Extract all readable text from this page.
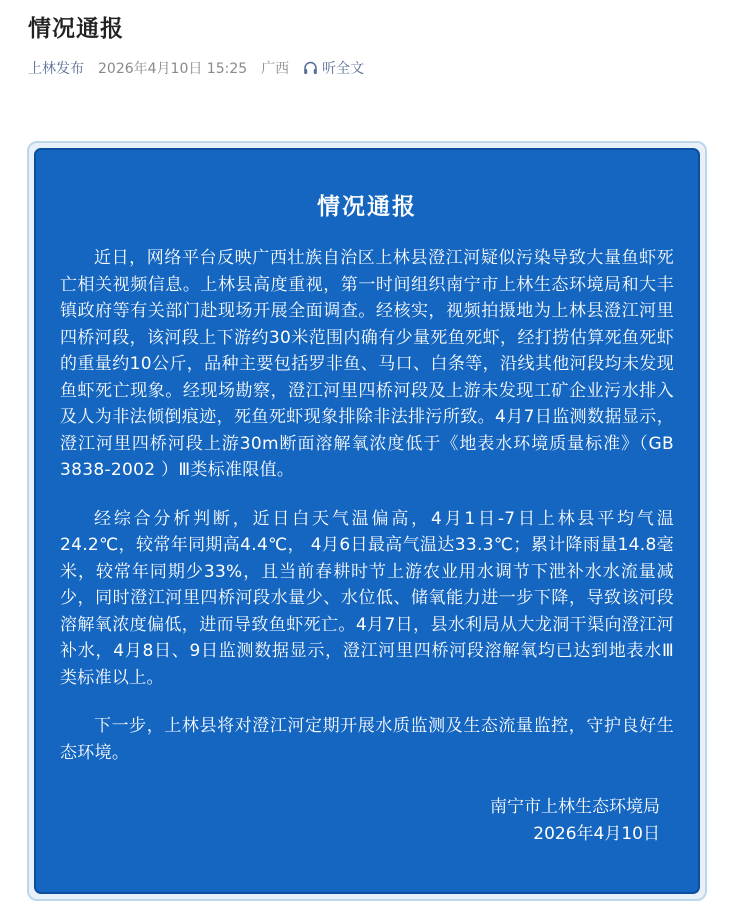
情况通报
上林发布 2026年4月10日 15:25 广西 听全文
情况通报

近日，网络平台反映广西壮族自治区上林县澄江河疑似污染导致大量鱼虾死亡相关视频信息。上林县高度重视，第一时间组织南宁市上林生态环境局和大丰镇政府等有关部门赴现场开展全面调查。经核实，视频拍摄地为上林县澄江河里四桥河段，该河段上下游约30米范围内确有少量死鱼死虾，经打捞估算死鱼死虾的重量约10公斤，品种主要包括罗非鱼、马口、白条等，沿线其他河段均未发现鱼虾死亡现象。经现场勘察，澄江河里四桥河段及上游未发现工矿企业污水排入及人为非法倾倒痕迹，死鱼死虾现象排除非法排污所致。4月7日监测数据显示，澄江河里四桥河段上游30m断面溶解氧浓度低于《地表水环境质量标准》（GB 3838-2002 ）Ⅲ类标准限值。

经综合分析判断，近日白天气温偏高，4月1日-7日上林县平均气温24.2℃，较常年同期高4.4℃， 4月6日最高气温达33.3℃；累计降雨量14.8毫米，较常年同期少33%，且当前春耕时节上游农业用水调节下泄补水水流量减少，同时澄江河里四桥河段水量少、水位低、储氧能力进一步下降，导致该河段溶解氧浓度偏低，进而导致鱼虾死亡。4月7日，县水利局从大龙洞干渠向澄江河补水，4月8日、9日监测数据显示，澄江河里四桥河段溶解氧均已达到地表水Ⅲ类标准以上。

下一步，上林县将对澄江河定期开展水质监测及生态流量监控，守护良好生态环境。

南宁市上林生态环境局
2026年4月10日
